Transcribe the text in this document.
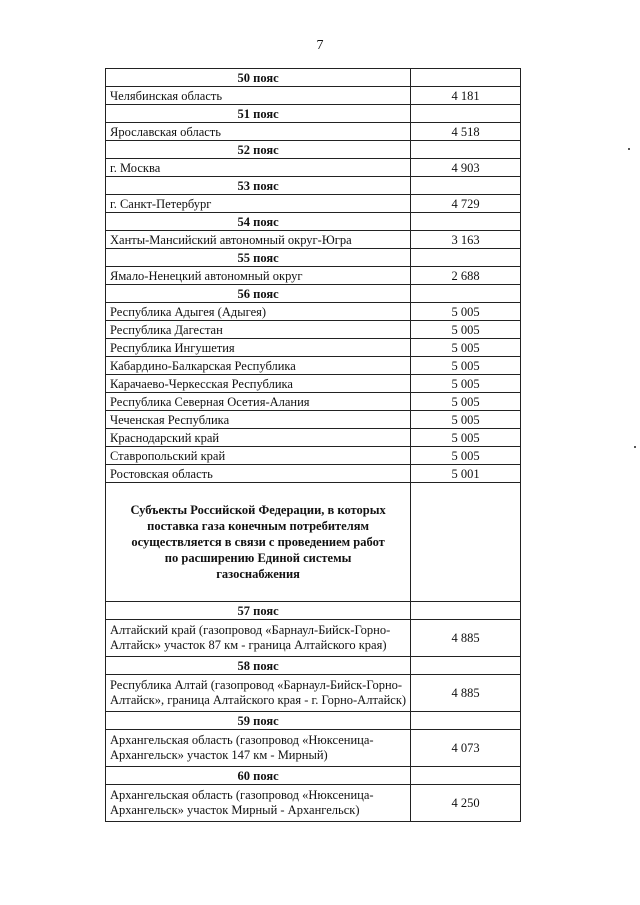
7
50 пояс	
Челябинская область	4 181
51 пояс	
Ярославская область	4 518
52 пояс	
г. Москва	4 903
53 пояс	
г. Санкт-Петербург	4 729
54 пояс	
Ханты-Мансийский автономный округ-Югра	3 163
55 пояс	
Ямало-Ненецкий автономный округ	2 688
56 пояс	
Республика Адыгея (Адыгея)	5 005
Республика Дагестан	5 005
Республика Ингушетия	5 005
Кабардино-Балкарская Республика	5 005
Карачаево-Черкесская Республика	5 005
Республика Северная Осетия-Алания	5 005
Чеченская Республика	5 005
Краснодарский край	5 005
Ставропольский край	5 005
Ростовская область	5 001
Субъекты Российской Федерации, в которых поставка газа конечным потребителям осуществляется в связи с проведением работ по расширению Единой системы газоснабжения	
57 пояс	
Алтайский край (газопровод «Барнаул-Бийск-Горно-Алтайск» участок 87 км - граница Алтайского края)	4 885
58 пояс	
Республика Алтай (газопровод «Барнаул-Бийск-Горно-Алтайск», граница Алтайского края - г. Горно-Алтайск)	4 885
59 пояс	
Архангельская область (газопровод «Нюксеница-Архангельск» участок 147 км - Мирный)	4 073
60 пояс	
Архангельская область (газопровод «Нюксеница-Архангельск» участок Мирный - Архангельск)	4 250
